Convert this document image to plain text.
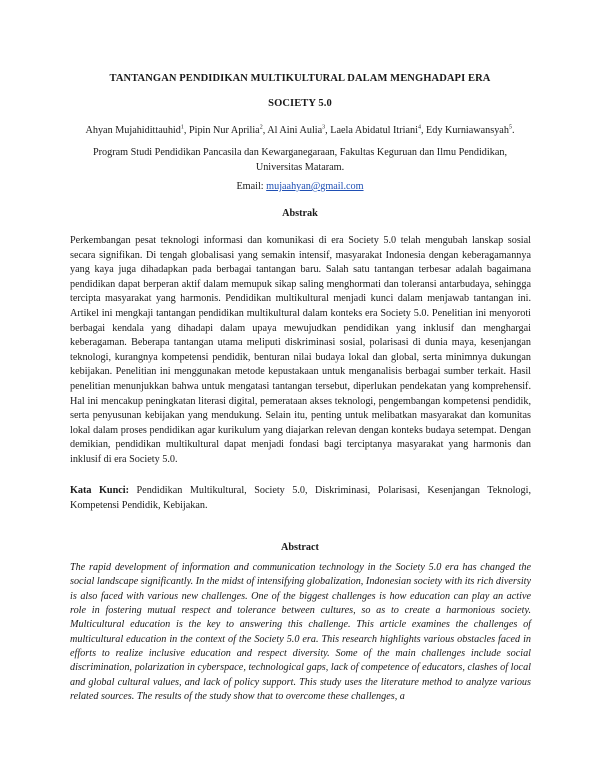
TANTANGAN PENDIDIKAN MULTIKULTURAL DALAM MENGHADAPI ERA
SOCIETY 5.0
Ahyan Mujahidittauhid$^1$, Pipin Nur Aprilia$^2$, Al Aini Aulia$^3$, Laela Abidatul Itriani$^4$, Edy Kurniawansyah$^5$.
Program Studi Pendidikan Pancasila dan Kewarganegaraan, Fakultas Keguruan dan Ilmu Pendidikan, Universitas Mataram.
Email: mujaahyan@gmail.com
Abstrak

Perkembangan pesat teknologi informasi dan komunikasi di era Society 5.0 telah mengubah lanskap sosial secara signifikan. Di tengah globalisasi yang semakin intensif, masyarakat Indonesia dengan keberagamannya yang kaya juga dihadapkan pada berbagai tantangan baru. Salah satu tantangan terbesar adalah bagaimana pendidikan dapat berperan aktif dalam memupuk sikap saling menghormati dan toleransi antarbudaya, sehingga tercipta masyarakat yang harmonis. Pendidikan multikultural menjadi kunci dalam menjawab tantangan ini. Artikel ini mengkaji tantangan pendidikan multikultural dalam konteks era Society 5.0. Penelitian ini menyoroti berbagai kendala yang dihadapi dalam upaya mewujudkan pendidikan yang inklusif dan menghargai keberagaman. Beberapa tantangan utama meliputi diskriminasi sosial, polarisasi di dunia maya, kesenjangan teknologi, kurangnya kompetensi pendidik, benturan nilai budaya lokal dan global, serta minimnya dukungan kebijakan. Penelitian ini menggunakan metode kepustakaan untuk menganalisis berbagai sumber terkait. Hasil penelitian menunjukkan bahwa untuk mengatasi tantangan tersebut, diperlukan pendekatan yang komprehensif. Hal ini mencakup peningkatan literasi digital, pemerataan akses teknologi, pengembangan kompetensi pendidik, serta penyusunan kebijakan yang mendukung. Selain itu, penting untuk melibatkan masyarakat dan komunitas lokal dalam proses pendidikan agar kurikulum yang diajarkan relevan dengan konteks budaya setempat. Dengan demikian, pendidikan multikultural dapat menjadi fondasi bagi terciptanya masyarakat yang harmonis dan inklusif di era Society 5.0.

Kata Kunci: Pendidikan Multikultural, Society 5.0, Diskriminasi, Polarisasi, Kesenjangan Teknologi, Kompetensi Pendidik, Kebijakan.

Abstract

The rapid development of information and communication technology in the Society 5.0 era has changed the social landscape significantly. In the midst of intensifying globalization, Indonesian society with its rich diversity is also faced with various new challenges. One of the biggest challenges is how education can play an active role in fostering mutual respect and tolerance between cultures, so as to create a harmonious society. Multicultural education is the key to answering this challenge. This article examines the challenges of multicultural education in the context of the Society 5.0 era. This research highlights various obstacles faced in efforts to realize inclusive education and respect diversity. Some of the main challenges include social discrimination, polarization in cyberspace, technological gaps, lack of competence of educators, clashes of local and global cultural values, and lack of policy support. This study uses the literature method to analyze various related sources. The results of the study show that to overcome these challenges, a
